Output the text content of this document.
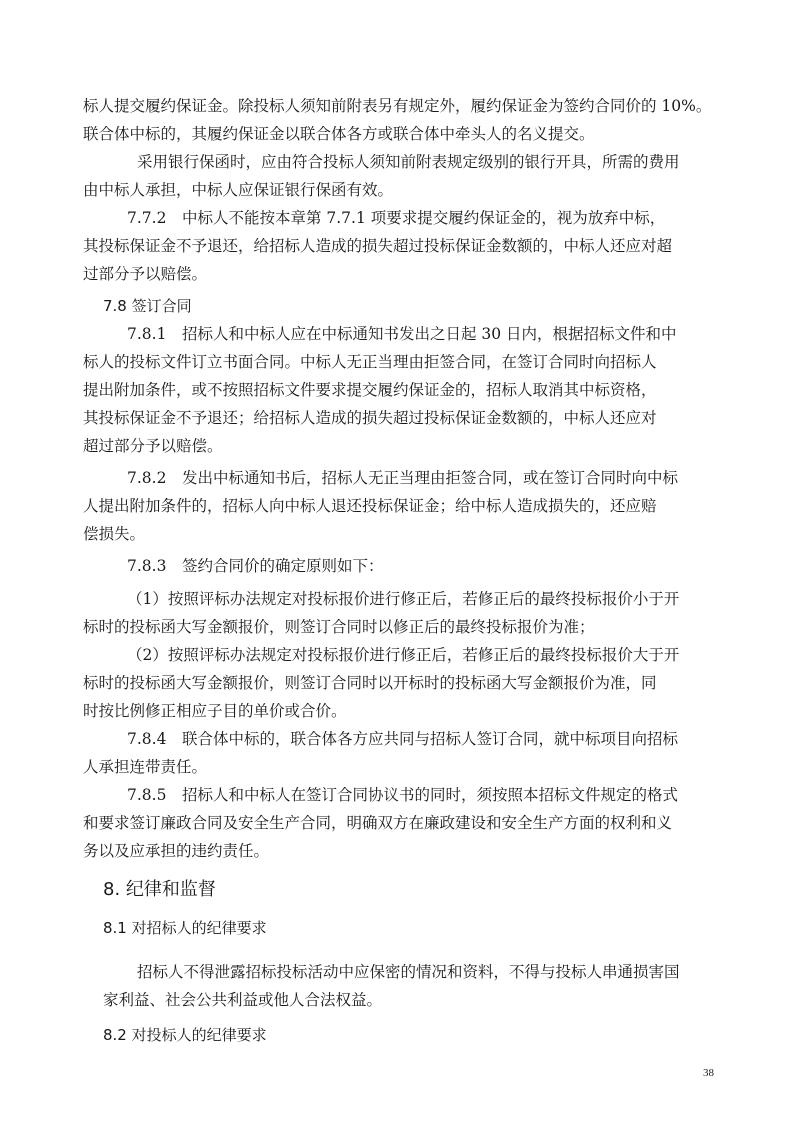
标人提交履约保证金。除投标人须知前附表另有规定外，履约保证金为签约合同价的 10%。
联合体中标的，其履约保证金以联合体各方或联合体中牵头人的名义提交。
采用银行保函时，应由符合投标人须知前附表规定级别的银行开具，所需的费用
由中标人承担，中标人应保证银行保函有效。
7.7.2　中标人不能按本章第 7.7.1 项要求提交履约保证金的，视为放弃中标，
其投标保证金不予退还，给招标人造成的损失超过投标保证金数额的，中标人还应对超
过部分予以赔偿。
7.8 签订合同
7.8.1　招标人和中标人应在中标通知书发出之日起 30 日内，根据招标文件和中
标人的投标文件订立书面合同。中标人无正当理由拒签合同，在签订合同时向招标人
提出附加条件，或不按照招标文件要求提交履约保证金的，招标人取消其中标资格，
其投标保证金不予退还；给招标人造成的损失超过投标保证金数额的，中标人还应对
超过部分予以赔偿。
7.8.2　发出中标通知书后，招标人无正当理由拒签合同，或在签订合同时向中标
人提出附加条件的，招标人向中标人退还投标保证金；给中标人造成损失的，还应赔
偿损失。
7.8.3　签约合同价的确定原则如下：
（1）按照评标办法规定对投标报价进行修正后，若修正后的最终投标报价小于开
标时的投标函大写金额报价，则签订合同时以修正后的最终投标报价为准；
（2）按照评标办法规定对投标报价进行修正后，若修正后的最终投标报价大于开
标时的投标函大写金额报价，则签订合同时以开标时的投标函大写金额报价为准，同
时按比例修正相应子目的单价或合价。
7.8.4　联合体中标的，联合体各方应共同与招标人签订合同，就中标项目向招标
人承担连带责任。
7.8.5　招标人和中标人在签订合同协议书的同时，须按照本招标文件规定的格式
和要求签订廉政合同及安全生产合同，明确双方在廉政建设和安全生产方面的权利和义
务以及应承担的违约责任。
8. 纪律和监督
8.1 对招标人的纪律要求
招标人不得泄露招标投标活动中应保密的情况和资料，不得与投标人串通损害国
家利益、社会公共利益或他人合法权益。
8.2 对投标人的纪律要求
38
